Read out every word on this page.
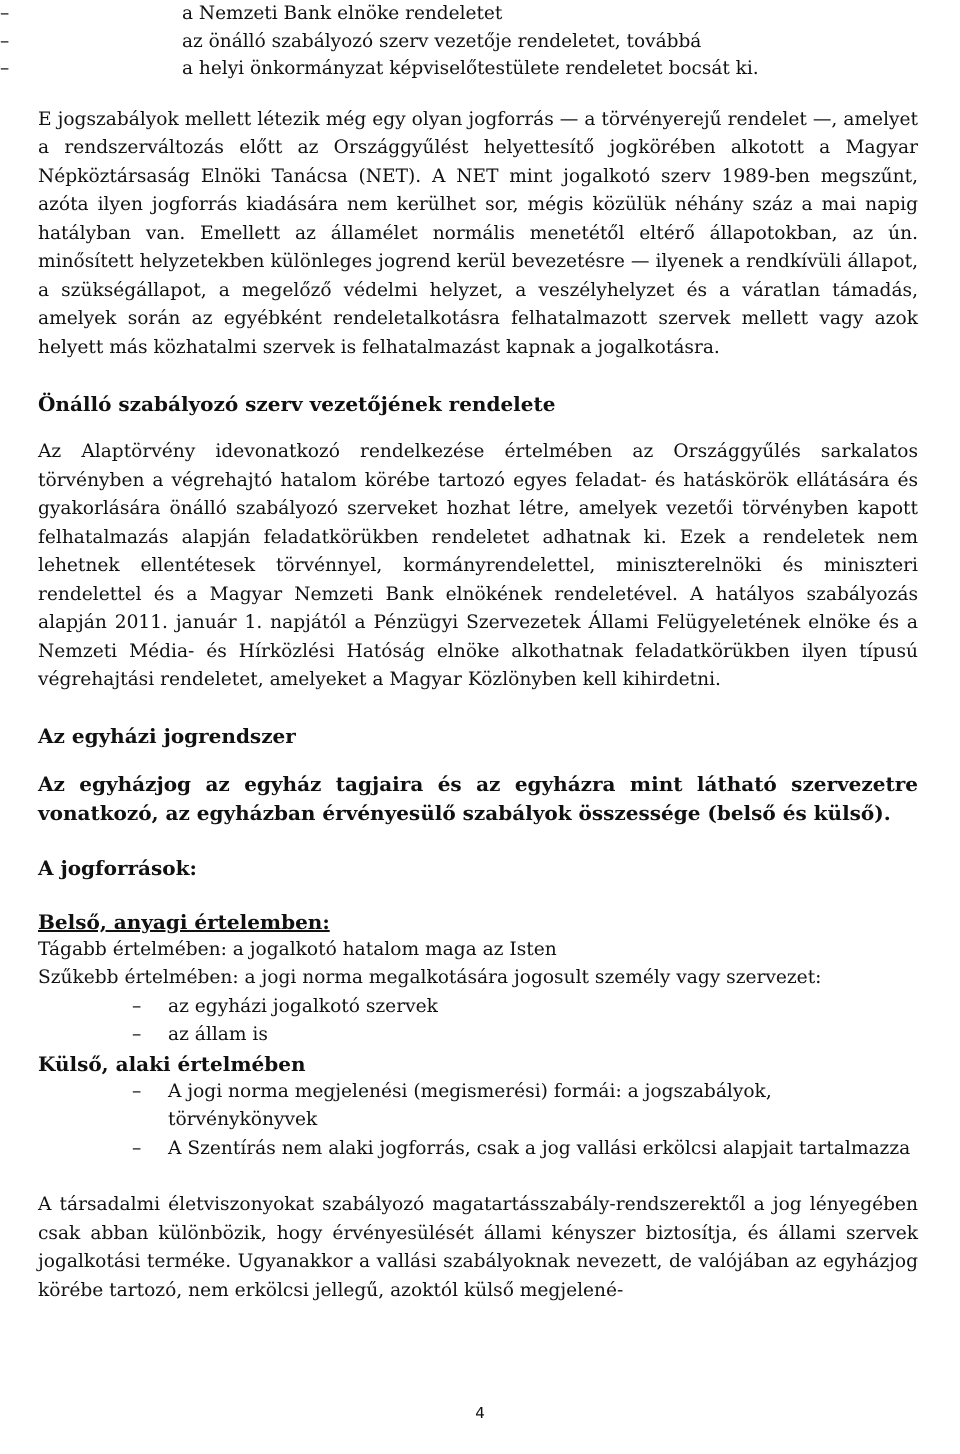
–	a Nemzeti Bank elnöke rendeletet
–	az önálló szabályozó szerv vezetője rendeletet, továbbá
–	a helyi önkormányzat képviselőtestülete rendeletet bocsát ki.

E jogszabályok mellett létezik még egy olyan jogforrás — a törvényerejű rendelet —, amelyet a rendszerváltozás előtt az Országgyűlést helyettesítő jogkörében alkotott a Magyar Népköztársaság Elnöki Tanácsa (NET). A NET mint jogalkotó szerv 1989-ben megszűnt, azóta ilyen jogforrás kiadására nem kerülhet sor, mégis közülük néhány száz a mai napig hatályban van. Emellett az államélet normális menetétől eltérő állapotokban, az ún. minősített helyzetekben különleges jogrend kerül bevezetésre — ilyenek a rendkívüli állapot, a szükségállapot, a megelőző védelmi helyzet, a veszélyhelyzet és a váratlan támadás, amelyek során az egyébként rendeletalkotásra felhatalmazott szervek mellett vagy azok helyett más közhatalmi szervek is felhatalmazást kapnak a jogalkotásra.

Önálló szabályozó szerv vezetőjének rendelete

Az Alaptörvény idevonatkozó rendelkezése értelmében az Országgyűlés sarkalatos törvényben a végrehajtó hatalom körébe tartozó egyes feladat- és hatáskörök ellátására és gyakorlására önálló szabályozó szerveket hozhat létre, amelyek vezetői törvényben kapott felhatalmazás alapján feladatkörükben rendeletet adhatnak ki. Ezek a rendeletek nem lehetnek ellentétesek törvénnyel, kormányrendelettel, miniszterelnöki és miniszteri rendelettel és a Magyar Nemzeti Bank elnökének rendeletével. A hatályos szabályozás alapján 2011. január 1. napjától a Pénzügyi Szervezetek Állami Felügyeletének elnöke és a Nemzeti Média- és Hírközlési Hatóság elnöke alkothatnak feladatkörükben ilyen típusú végrehajtási rendeletet, amelyeket a Magyar Közlönyben kell kihirdetni.

Az egyházi jogrendszer

Az egyházjog az egyház tagjaira és az egyházra mint látható szervezetre vonatkozó, az egyházban érvényesülő szabályok összessége (belső és külső).

A jogforrások:
Belső, anyagi értelemben:

Tágabb értelmében: a jogalkotó hatalom maga az Isten

Szűkebb értelmében: a jogi norma megalkotására jogosult személy vagy szervezet:

–	az egyházi jogalkotó szervek
–	az állam is
Külső, alaki értelmében
–	A jogi norma megjelenési (megismerési) formái: a jogszabályok, törvénykönyvek
–	A Szentírás nem alaki jogforrás, csak a jog vallási erkölcsi alapjait tartalmazza

A társadalmi életviszonyokat szabályozó magatartásszabály-rendszerektől a jog lényegében csak abban különbözik, hogy érvényesülését állami kényszer biztosítja, és állami szervek jogalkotási terméke. Ugyanakkor a vallási szabályoknak nevezett, de valójában az egyházjog körébe tartozó, nem erkölcsi jellegű, azoktól külső megjelené-

4
